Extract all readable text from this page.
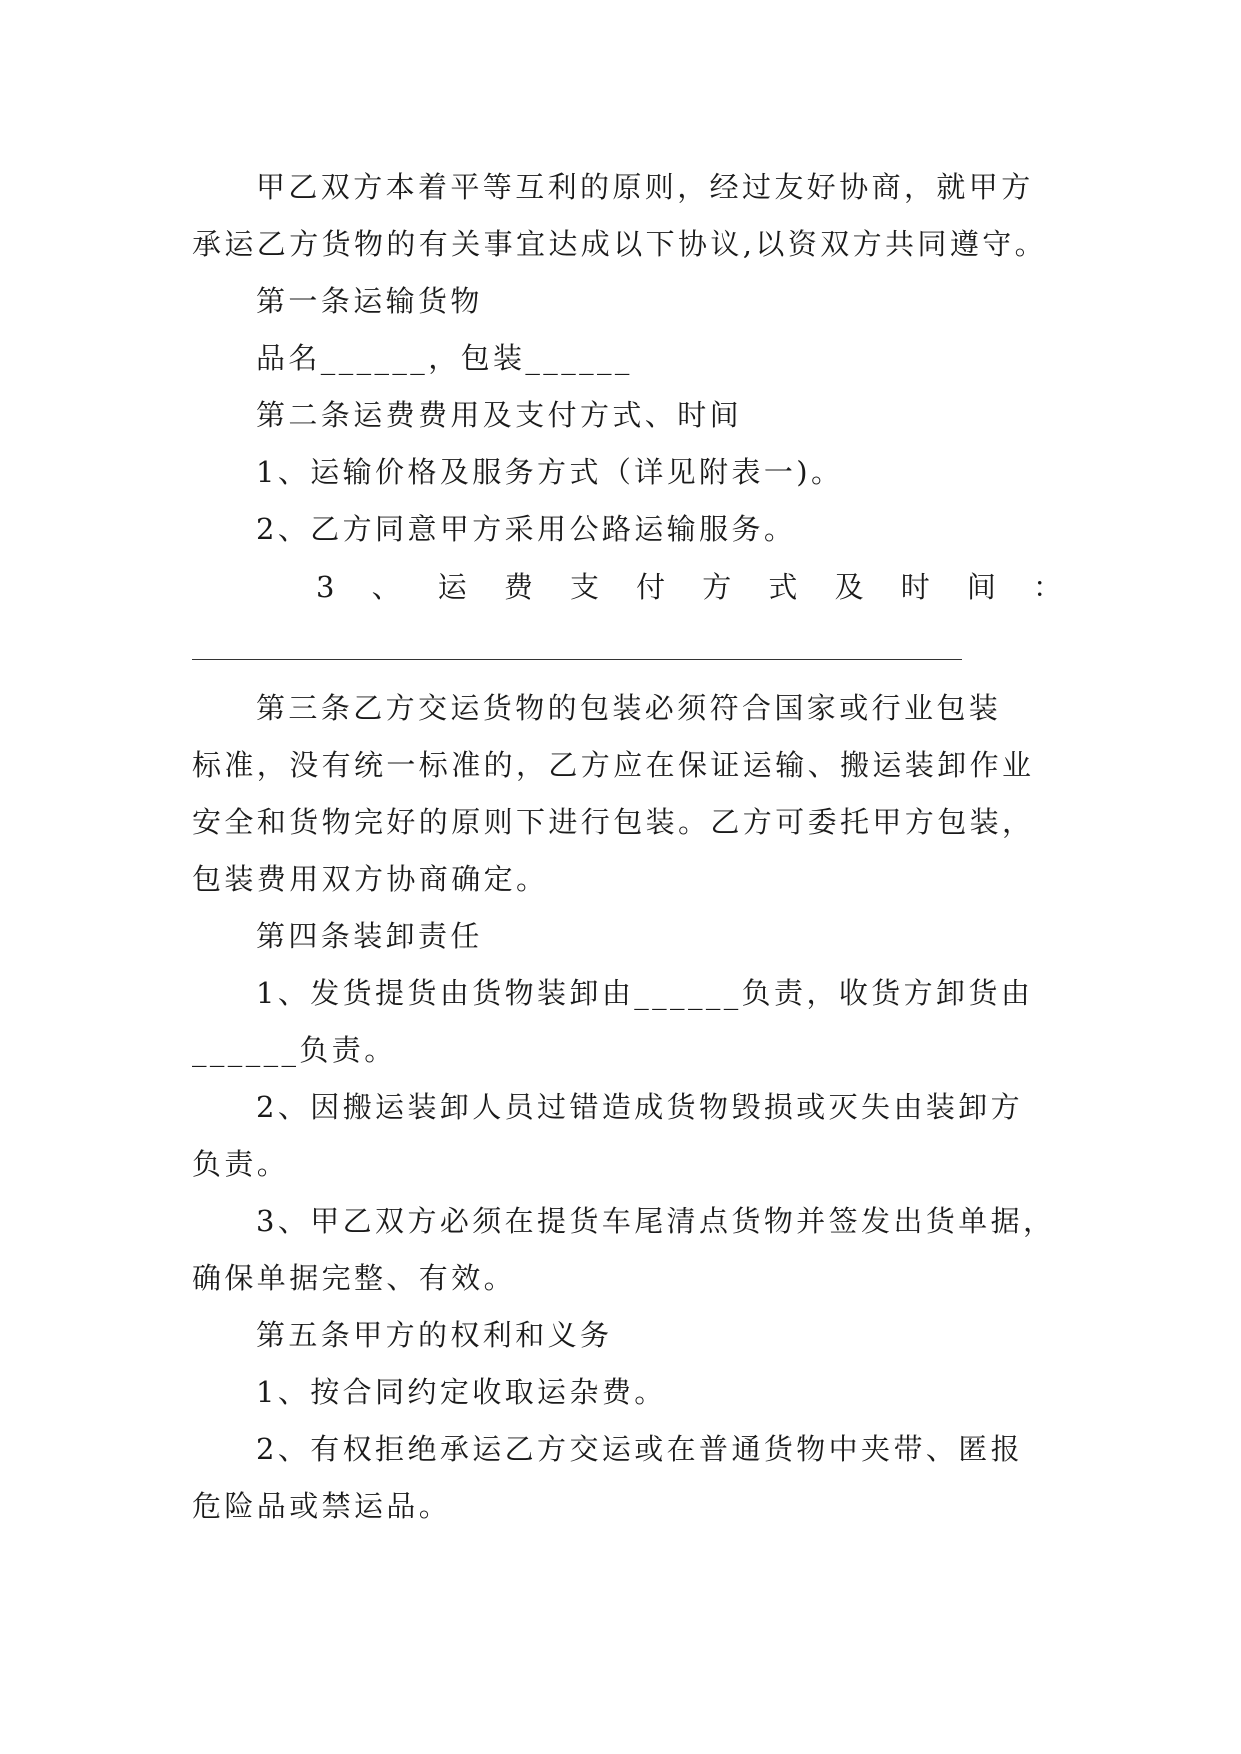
甲乙双方本着平等互利的原则，经过友好协商，就甲方
承运乙方货物的有关事宜达成以下协议,以资双方共同遵守。
第一条运输货物
品名______，包装______
第二条运费费用及支付方式、时间
1、运输价格及服务方式（详见附表一)。
2、乙方同意甲方采用公路运输服务。
3 、 运 费 支 付 方 式 及 时 间 ：
第三条乙方交运货物的包装必须符合国家或行业包装
标准，没有统一标准的，乙方应在保证运输、搬运装卸作业
安全和货物完好的原则下进行包装。乙方可委托甲方包装，
包装费用双方协商确定。
第四条装卸责任
1、发货提货由货物装卸由______负责，收货方卸货由
______负责。
2、因搬运装卸人员过错造成货物毁损或灭失由装卸方
负责。
3、甲乙双方必须在提货车尾清点货物并签发出货单据，
确保单据完整、有效。
第五条甲方的权利和义务
1、按合同约定收取运杂费。
2、有权拒绝承运乙方交运或在普通货物中夹带、匿报
危险品或禁运品。
